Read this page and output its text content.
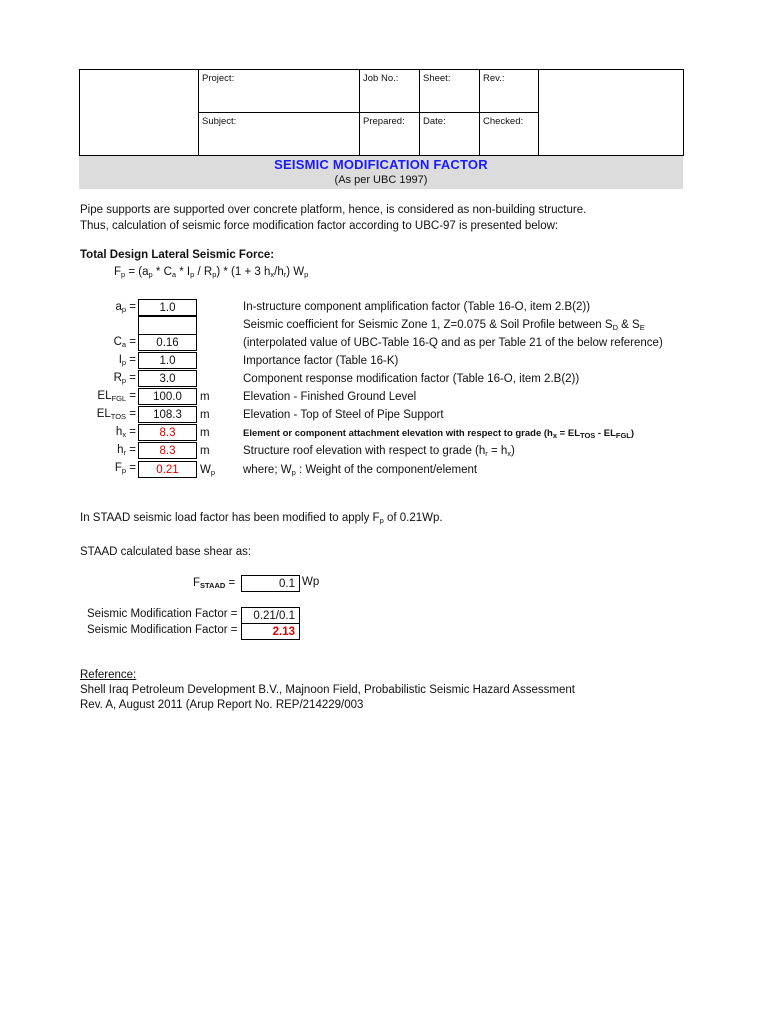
	Project:	Job No.:	Sheet:	Rev.:	
	Subject:	Prepared:	Date:	Checked:	
SEISMIC MODIFICATION FACTOR
(As per UBC 1997)
Pipe supports are supported over concrete platform, hence, is considered as non-building structure.
Thus, calculation of seismic force modification factor according to UBC-97 is presented below:
Total Design Lateral Seismic Force:
$F_p = (a_p * C_a * I_p / R_p) * (1 + 3$ $h_x/h_r$) $W_p$
$a_p$ =	1.0	In-structure component amplification factor (Table 16-O, item 2.B(2))
Seismic coefficient for Seismic Zone 1, Z=0.075 & Soil Profile between $S_D$ & $S_E$
$C_a$ =	0.16	(interpolated value of UBC-Table 16-Q and as per Table 21 of the below reference)
$I_p$ =	1.0	Importance factor (Table 16-K)
$R_p$ =	3.0	Component response modification factor (Table 16-O, item 2.B(2))
$EL_{FGL}$ =	100.0	m	Elevation - Finished Ground Level
$EL_{TOS}$ =	108.3	m	Elevation - Top of Steel of Pipe Support
$h_x$ =	8.3	m	Element or component attachment elevation with respect to grade $(h_x = EL_{TOS} - EL_{FGL})$
$h_r$ =	8.3	m	Structure roof elevation with respect to grade $(h_r = h_x)$
$F_p$ =	0.21	$W_p$ where; $W_p$ : Weight of the component/element
In STAAD seismic load factor has been modified to apply $F_p$ of 0.21Wp.
STAAD calculated base shear as:
$F_{STAAD}$ =	0.1 Wp
Seismic Modification Factor =	0.21/0.1
Seismic Modification Factor =	2.13
Reference:
Shell Iraq Petroleum Development B.V., Majnoon Field, Probabilistic Seismic Hazard Assessment
Rev. A, August 2011 (Arup Report No. REP/214229/003
